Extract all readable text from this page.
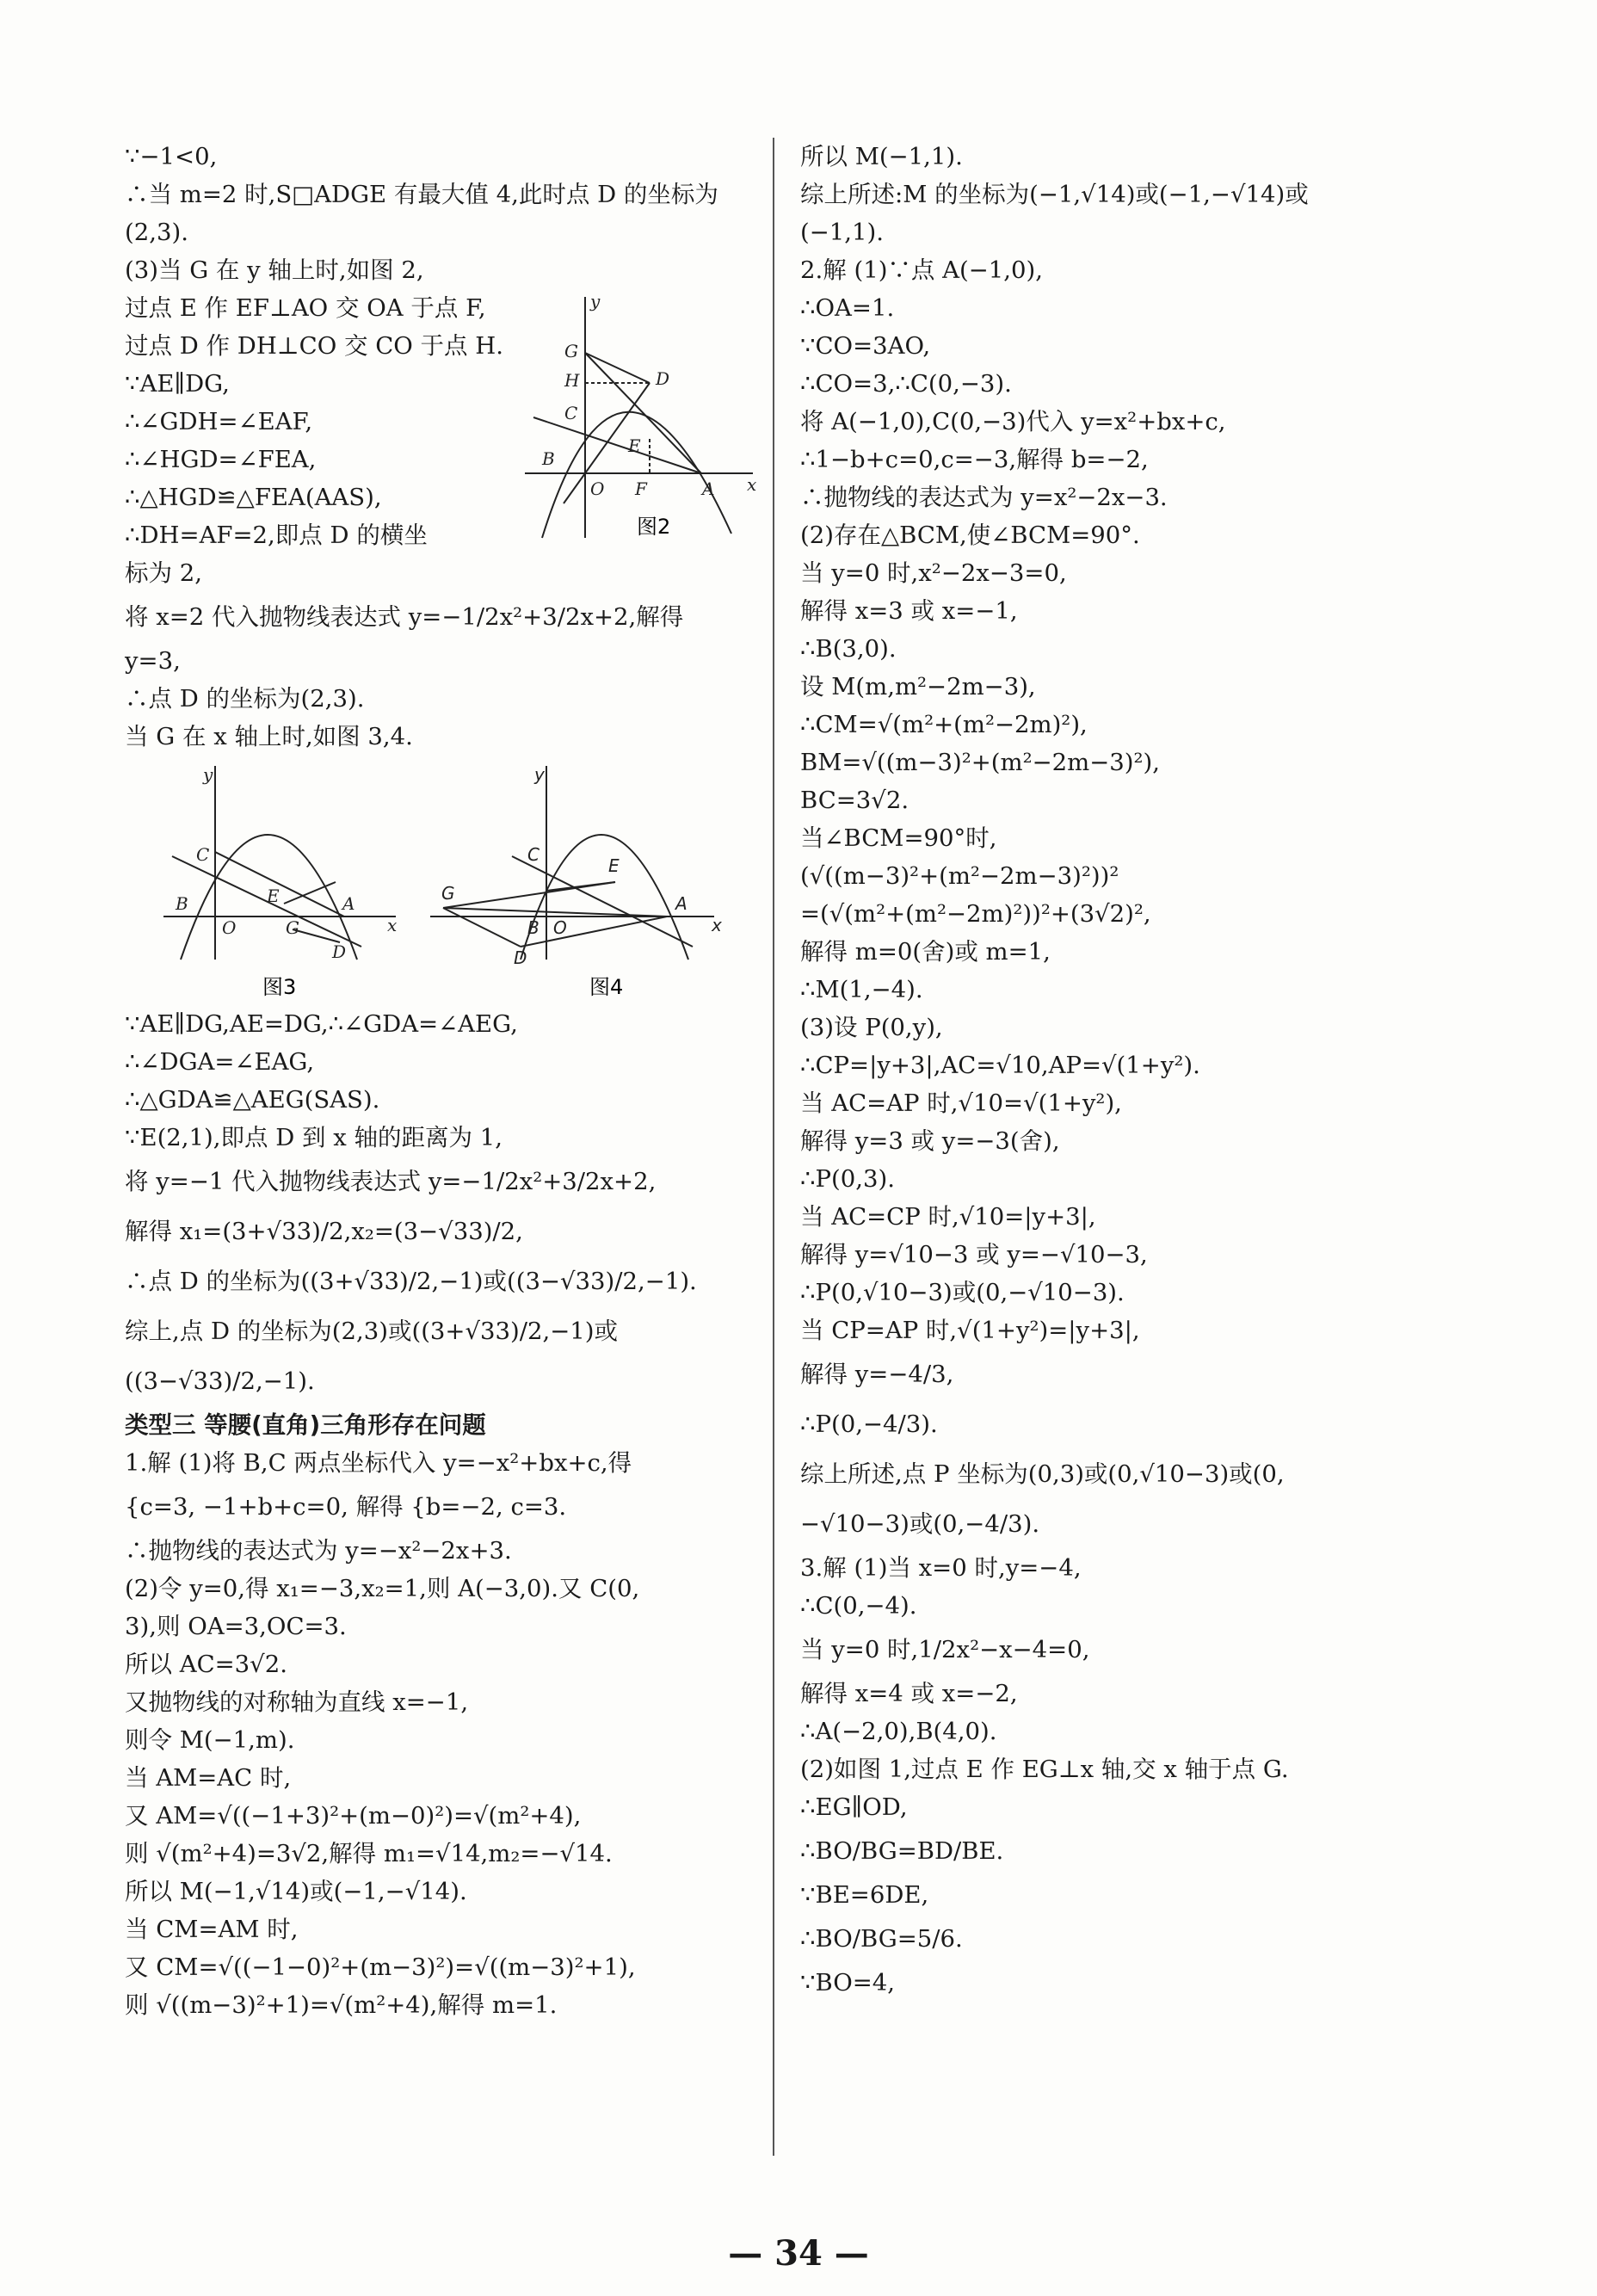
∵−1<0,
∴当 m=2 时,S□ADGE 有最大值 4,此时点 D 的坐标为
(2,3).
(3)当 G 在 y 轴上时,如图 2,
过点 E 作 EF⊥AO 交 OA 于点 F,
过点 D 作 DH⊥CO 交 CO 于点 H.
∵AE∥DG,
∴∠GDH=∠EAF,
∴∠HGD=∠FEA,
∴△HGD≌△FEA(AAS),
∴DH=AF=2,即点 D 的横坐
标为 2,
将 x=2 代入抛物线表达式 y=−1/2x²+3/2x+2,解得
y=3,
∴点 D 的坐标为(2,3).
当 G 在 x 轴上时,如图 3,4.
∵AE∥DG,AE=DG,∴∠GDA=∠AEG,
∴∠DGA=∠EAG,
∴△GDA≌△AEG(SAS).
∵E(2,1),即点 D 到 x 轴的距离为 1,
将 y=−1 代入抛物线表达式 y=−1/2x²+3/2x+2,
解得 x₁=(3+√33)/2,x₂=(3−√33)/2,
∴点 D 的坐标为((3+√33)/2,−1)或((3−√33)/2,−1).
综上,点 D 的坐标为(2,3)或((3+√33)/2,−1)或
((3−√33)/2,−1).
类型三 等腰(直角)三角形存在问题
1.解 (1)将 B,C 两点坐标代入 y=−x²+bx+c,得
{c=3, −1+b+c=0, 解得 {b=−2, c=3.
∴抛物线的表达式为 y=−x²−2x+3.
(2)令 y=0,得 x₁=−3,x₂=1,则 A(−3,0).又 C(0,
3),则 OA=3,OC=3.
所以 AC=3√2.
又抛物线的对称轴为直线 x=−1,
则令 M(−1,m).
当 AM=AC 时,
又 AM=√((−1+3)²+(m−0)²)=√(m²+4),
则 √(m²+4)=3√2,解得 m₁=√14,m₂=−√14.
所以 M(−1,√14)或(−1,−√14).
当 CM=AM 时,
又 CM=√((−1−0)²+(m−3)²)=√((m−3)²+1),
则 √((m−3)²+1)=√(m²+4),解得 m=1.
所以 M(−1,1).
综上所述:M 的坐标为(−1,√14)或(−1,−√14)或
(−1,1).
2.解 (1)∵点 A(−1,0),
∴OA=1.
∵CO=3AO,
∴CO=3,∴C(0,−3).
将 A(−1,0),C(0,−3)代入 y=x²+bx+c,
∴1−b+c=0,c=−3,解得 b=−2,
∴抛物线的表达式为 y=x²−2x−3.
(2)存在△BCM,使∠BCM=90°.
当 y=0 时,x²−2x−3=0,
解得 x=3 或 x=−1,
∴B(3,0).
设 M(m,m²−2m−3),
∴CM=√(m²+(m²−2m)²),
BM=√((m−3)²+(m²−2m−3)²),
BC=3√2.
当∠BCM=90°时,
(√((m−3)²+(m²−2m−3)²))²
=(√(m²+(m²−2m)²))²+(3√2)²,
解得 m=0(舍)或 m=1,
∴M(1,−4).
(3)设 P(0,y),
∴CP=|y+3|,AC=√10,AP=√(1+y²).
当 AC=AP 时,√10=√(1+y²),
解得 y=3 或 y=−3(舍),
∴P(0,3).
当 AC=CP 时,√10=|y+3|,
解得 y=√10−3 或 y=−√10−3,
∴P(0,√10−3)或(0,−√10−3).
当 CP=AP 时,√(1+y²)=|y+3|,
解得 y=−4/3,
∴P(0,−4/3).
综上所述,点 P 坐标为(0,3)或(0,√10−3)或(0,
−√10−3)或(0,−4/3).
3.解 (1)当 x=0 时,y=−4,
∴C(0,−4).
当 y=0 时,1/2x²−x−4=0,
解得 x=4 或 x=−2,
∴A(−2,0),B(4,0).
(2)如图 1,过点 E 作 EG⊥x 轴,交 x 轴于点 G.
∴EG∥OD,
∴BO/BG=BD/BE.
∵BE=6DE,
∴BO/BG=5/6.
∵BO=4,
y
G
H	D
C
E
B
O F	A x
图2
y
C
E
B
O	G
A
D
x
图3
y
C
E
G
B O
A
D
x
图4
— 34 —
